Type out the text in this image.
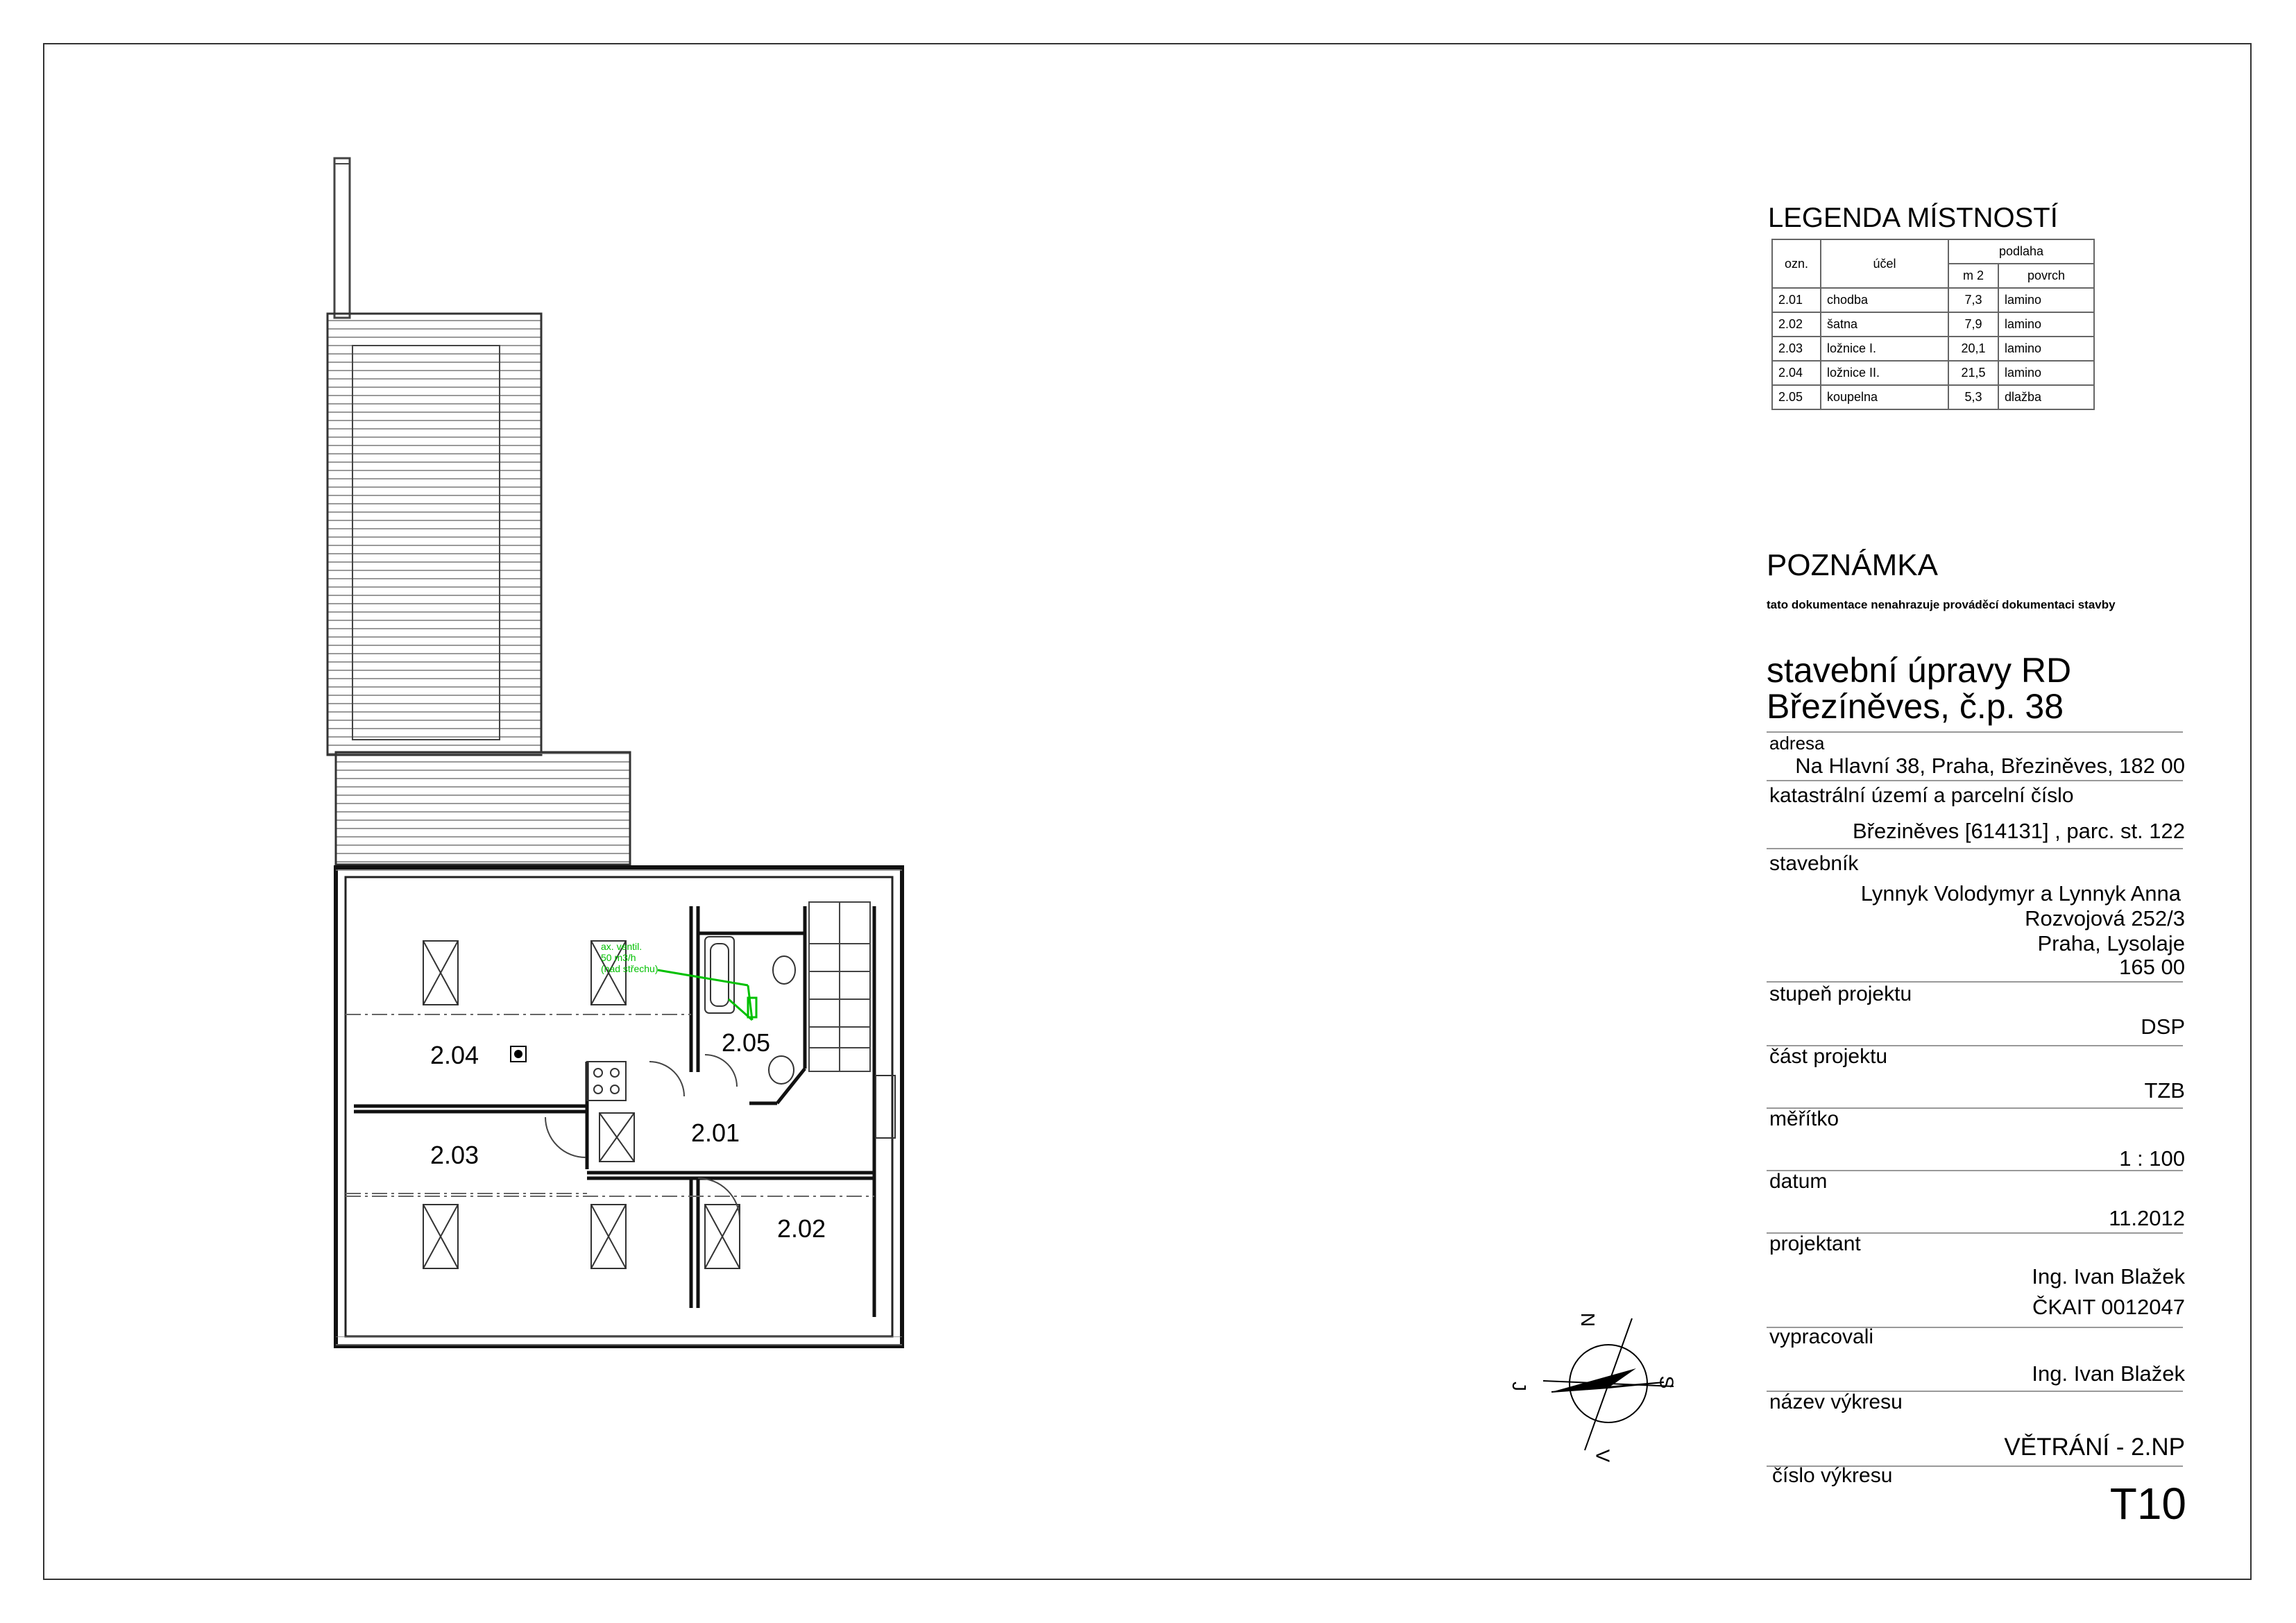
2.04	2.05
2.01
2.03
2.02
ax. ventil.
50 m3/h
(nad střechu)
N
S
V
J
LEGENDA MÍSTNOSTÍ
ozn.	účel	podlaha	
		m 2	povrch
2.01	chodba	7,3	lamino
2.02	šatna	7,9	lamino
2.03	ložnice I.	20,1	lamino
2.04	ložnice II.	21,5	lamino
2.05	koupelna	5,3	dlažba
POZNÁMKA
tato dokumentace nenahrazuje prováděcí dokumentaci stavby
stavební úpravy RD
Březíněves, č.p. 38
adresa
Na Hlavní 38, Praha, Březiněves, 182 00
katastrální území a parcelní číslo
Březiněves [614131] , parc. st. 122
stavebník
Lynnyk Volodymyr a Lynnyk Anna
Rozvojová 252/3
Praha, Lysolaje
165 00
stupeň projektu
DSP
část projektu
TZB
měřítko
1 : 100
datum
11.2012
projektant
Ing. Ivan Blažek
ČKAIT 0012047
vypracovali
Ing. Ivan Blažek
název výkresu
VĚTRÁNÍ - 2.NP
číslo výkresu
T10
